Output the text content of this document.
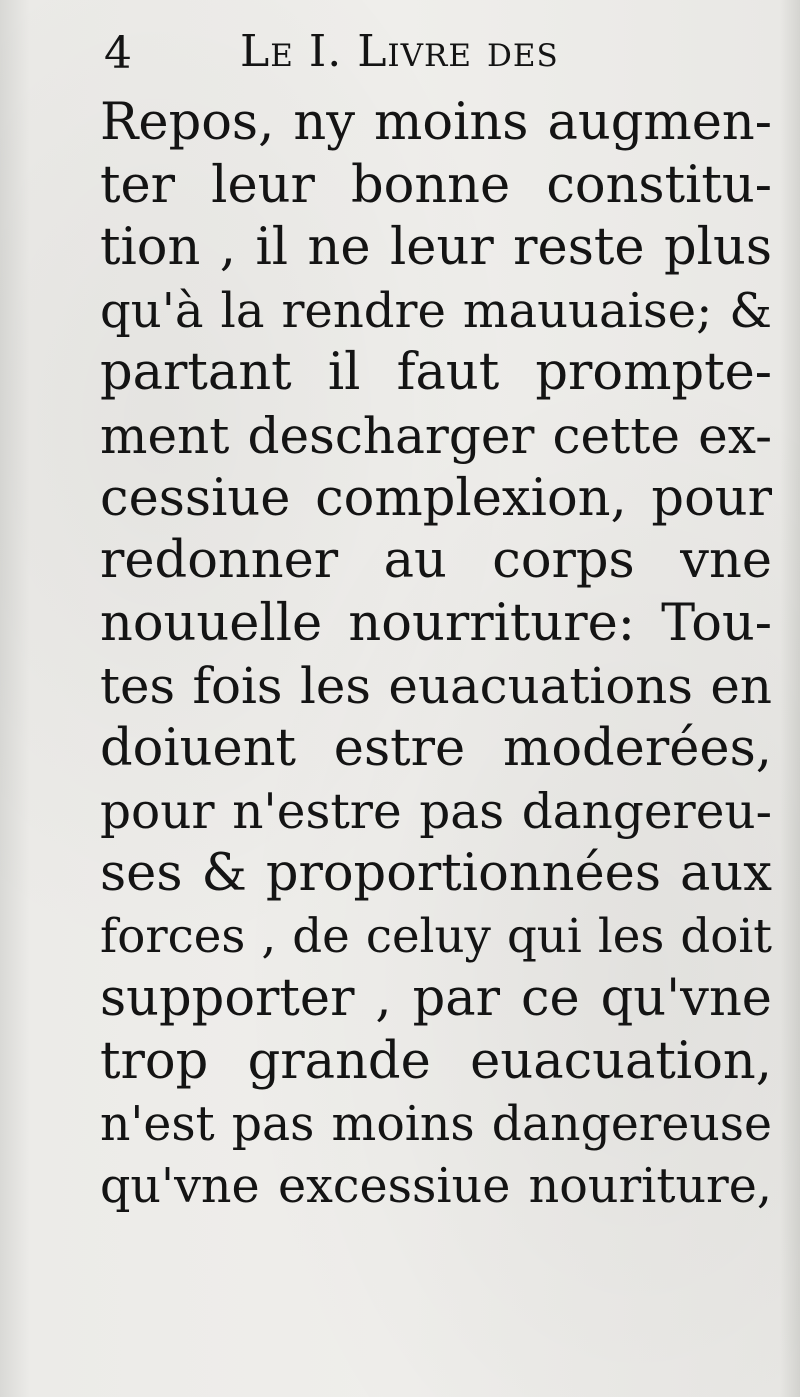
4 Le I. Livre des
Repos, ny moins augmen-
ter leur bonne constitu-
tion , il ne leur reste plus
qu'à la rendre mauuaise; &
partant il faut prompte-
ment descharger cette ex-
cessiue complexion, pour
redonner au corps vne
nouuelle nourriture: Tou-
tes fois les euacuations en
doiuent estre moderées,
pour n'estre pas dangereu-
ses & proportionnées aux
forces , de celuy qui les doit
supporter , par ce qu'vne
trop grande euacuation,
n'est pas moins dangereuse
qu'vne excessiue nouriture,
